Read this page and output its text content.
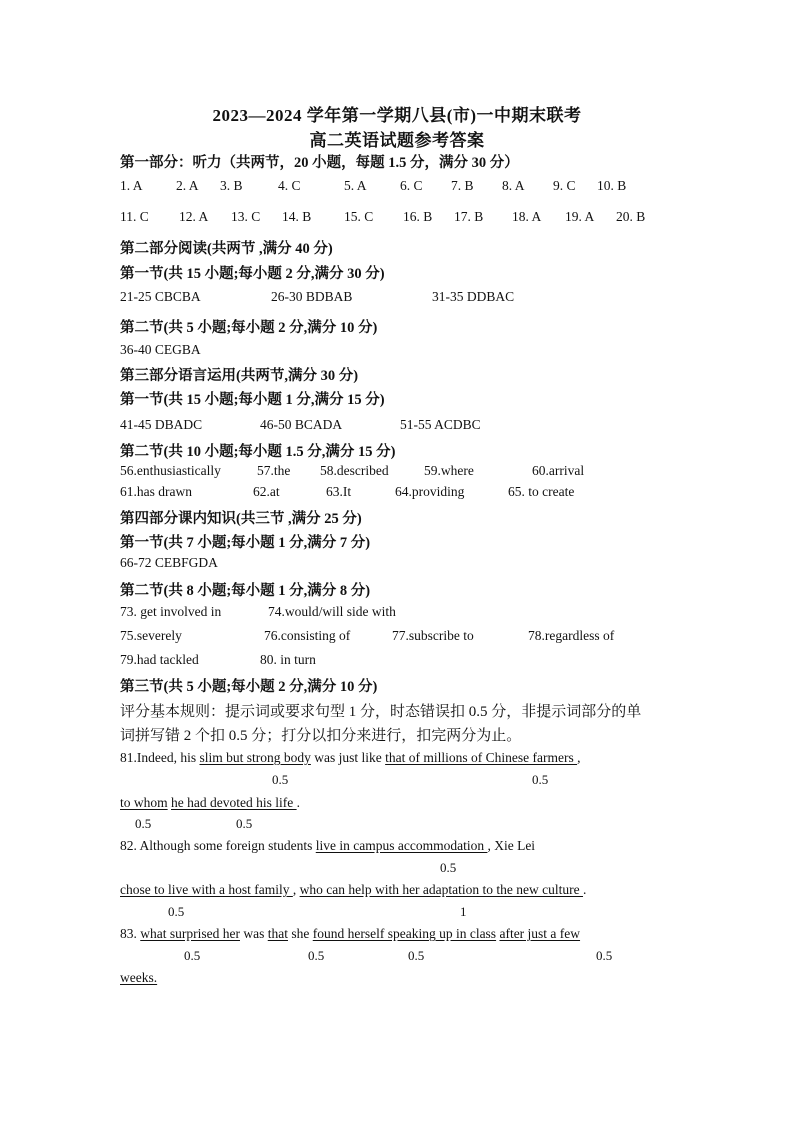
2023—2024 学年第一学期八县(市)一中期末联考
高二英语试题参考答案
第一部分：听力（共两节，20 小题，每题 1.5 分，满分 30 分）
1. A 2. A 3. B	4. C	5. A 6. C 7. B 8. A 9. C 10. B
11. C 12. A 13. C 14. B 15. C 16. B 17. B 18. A 19. A 20. B
第二部分阅读(共两节 ,满分 40 分)
第一节(共 15 小题;每小题 2 分,满分 30 分)
21-25 CBCBA	26-30 BDBAB	31-35 DDBAC
第二节(共 5 小题;每小题 2 分,满分 10 分)
36-40 CEGBA
第三部分语言运用(共两节,满分 30 分)
第一节(共 15 小题;每小题 1 分,满分 15 分)
41-45 DBADC	46-50 BCADA	51-55 ACDBC
第二节(共 10 小题;每小题 1.5 分,满分 15 分)
56.enthusiastically	57.the 58.described	59.where	60.arrival
61.has drawn	62.at	63.It	64.providing	65. to create
第四部分课内知识(共三节 ,满分 25 分)
第一节(共 7 小题;每小题 1 分,满分 7 分)
66-72 CEBFGDA
第二节(共 8 小题;每小题 1 分,满分 8 分)
73. get involved in	74.would/will side with
75.severely	76.consisting of	77.subscribe to	78.regardless of
79.had tackled	80. in turn
第三节(共 5 小题;每小题 2 分,满分 10 分)
评分基本规则：提示词或要求句型 1 分，时态错误扣 0.5 分，非提示词部分的单
词拼写错 2 个扣 0.5 分；打分以扣分来进行，扣完两分为止。
81.Indeed, his slim but strong body was just like that of millions of Chinese farmers ,
0.5	0.5
to whom he had devoted his life .
0.5	0.5
82. Although some foreign students live in campus accommodation , Xie Lei
0.5
chose to live with a host family , who can help with her adaptation to the new culture .
0.5	1
83. what surprised her was that she found herself speaking up in class after just a few
0.5	0.5	0.5	0.5
weeks.
